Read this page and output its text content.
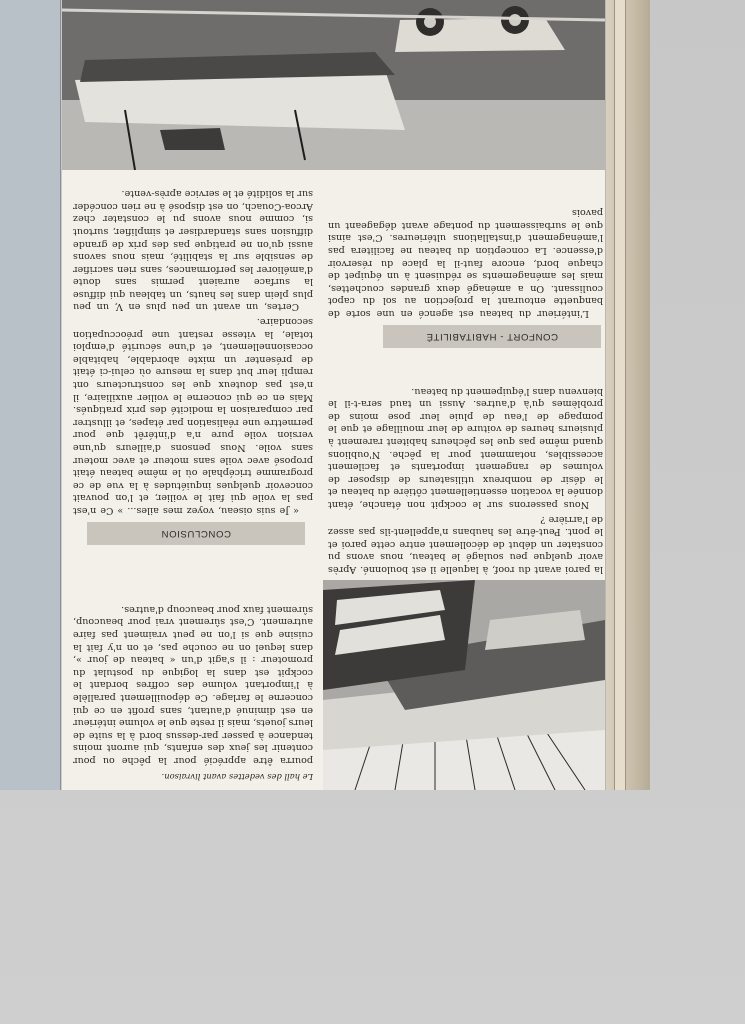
Le hall des vedettes avant livraison.

pourra être apprécié pour la pêche ou pour contenir les jeux des enfants, qui auront moins tendance à passer par-dessus bord à la suite de leurs jouets, mais il reste que le volume intérieur en est diminué d'autant, sans profit en ce qui concerne le farlage. Ce dépouillement parallèle à l'important volume des coffres bordant le cockpit est dans la logique du postulat du promoteur : il s'agit d'un « bateau de jour », dans lequel on ne couche pas, et on n'y fait la cuisine que si l'on ne peut vraiment pas faire autrement. C'est sûrement vrai pour beaucoup, sûrement faux pour beaucoup d'autres.

CONCLUSION

« Je suis oiseau, voyez mes ailes... » Ce n'est pas la voile qui fait le voilier, et l'on pouvait concevoir quelques inquiétudes à la vue de ce programme tricéphale où le même bateau était proposé avec voile sans moteur et avec moteur sans voile. Nous pensons d'ailleurs qu'une version voile pure n'a d'intérêt que pour permettre une réalisation par étapes, et illustrer par comparaison la modicité des prix pratiqués. Mais en ce qui concerne le voilier auxiliaire, il n'est pas douteux que les constructeurs ont rempli leur but dans la mesure où celui-ci était de présenter un mixte abordable, habitable occasionnellement, et d'une sécurité d'emploi totale, la vitesse restant une préoccupation secondaire.

Certes, un avant un peu plus en V, un peu plus plein dans les hauts, un tableau qui diffuse la surface auraient permis sans doute d'améliorer les performances, sans rien sacrifier de sensible sur la stabilité, mais nous savons aussi qu'on ne pratique pas des prix de grande diffusion sans standardiser et simplifier, surtout si, comme nous avons pu le constater chez Arcoa-Couach, on est disposé à ne rien concéder sur la solidité et le service après-vente.

la paroi avant du roof, à laquelle il est boulonné. Après avoir quelque peu soulagé le bateau, nous avons pu constater un début de décollement entre cette paroi et le pont. Peut-être les haubans n'appellent-ils pas assez de l'arrière ?

Nous passerons sur le cockpit non étanche, étant donnée la vocation essentiellement côtière du bateau et le désir de nombreux utilisateurs de disposer de volumes de rangement importants et facilement accessibles, notamment pour la pêche. N'oublions quand même pas que les pêcheurs habitent rarement à plusieurs heures de voiture de leur mouillage et que le pompage de l'eau de pluie leur pose moins de problèmes qu'à d'autres. Aussi un taud sera-t-il le bienvenu dans l'équipement du bateau.

CONFORT - HABITABILITÉ

L'intérieur du bateau est agencé en une sorte de banquette entourant la projection au sol du capot coulissant. On a aménagé deux grandes couchettes, mais les aménagements se réduisent à un équipet de chaque bord, encore faut-il la place du réservoir d'essence. La conception du bateau ne facilitera pas l'aménagement d'installations ultérieures. C'est ainsi que le surbaissement du pontage avant dégageant un pavois
